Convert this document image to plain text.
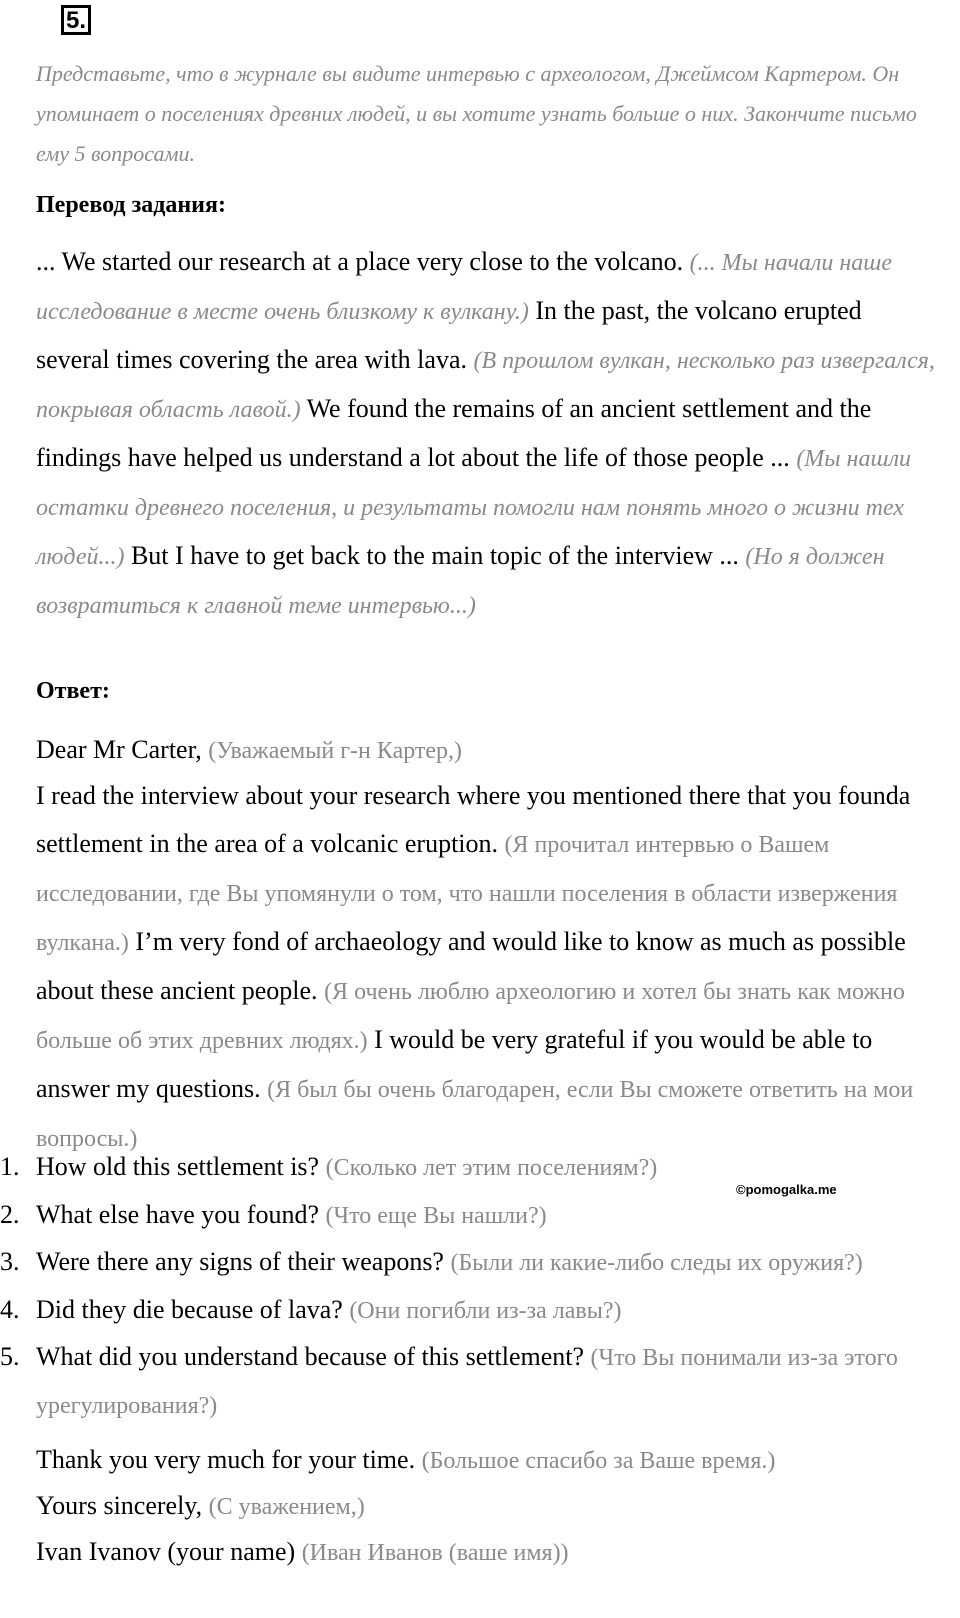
5.

Представьте, что в журнале вы видите интервью с археологом, Джеймсом Картером. Он упоминает о поселениях древних людей, и вы хотите узнать больше о них. Закончите письмо ему 5 вопросами.

Перевод задания:

... We started our research at a place very close to the volcano. (... Мы начали наше исследование в месте очень близкому к вулкану.) In the past, the volcano erupted several times covering the area with lava. (В прошлом вулкан, несколько раз извергался, покрывая область лавой.) We found the remains of an ancient settlement and the findings have helped us understand a lot about the life of those people ... (Мы нашли остатки древнего поселения, и результаты помогли нам понять много о жизни тех людей...) But I have to get back to the main topic of the interview ... (Но я должен возвратиться к главной теме интервью...)

Ответ:

Dear Mr Carter, (Уважаемый г-н Картер,)

I read the interview about your research where you mentioned there that you founda settlement in the area of a volcanic eruption. (Я прочитал интервью о Вашем исследовании, где Вы упомянули о том, что нашли поселения в области извержения вулкана.) I’m very fond of archaeology and would like to know as much as possible about these ancient people. (Я очень люблю археологию и хотел бы знать как можно больше об этих древних людях.) I would be very grateful if you would be able to answer my questions. (Я был бы очень благодарен, если Вы сможете ответить на мои вопросы.)

1. How old this settlement is? (Сколько лет этим поселениям?)
2. What else have you found? (Что еще Вы нашли?)
3. Were there any signs of their weapons? (Были ли какие-либо следы их оружия?)
4. Did they die because of lava? (Они погибли из-за лавы?)
5. What did you understand because of this settlement? (Что Вы понимали из-за этого урегулирования?)
©pomogalka.me

Thank you very much for your time. (Большое спасибо за Ваше время.)

Yours sincerely, (С уважением,)

Ivan Ivanov (your name) (Иван Иванов (ваше имя))
